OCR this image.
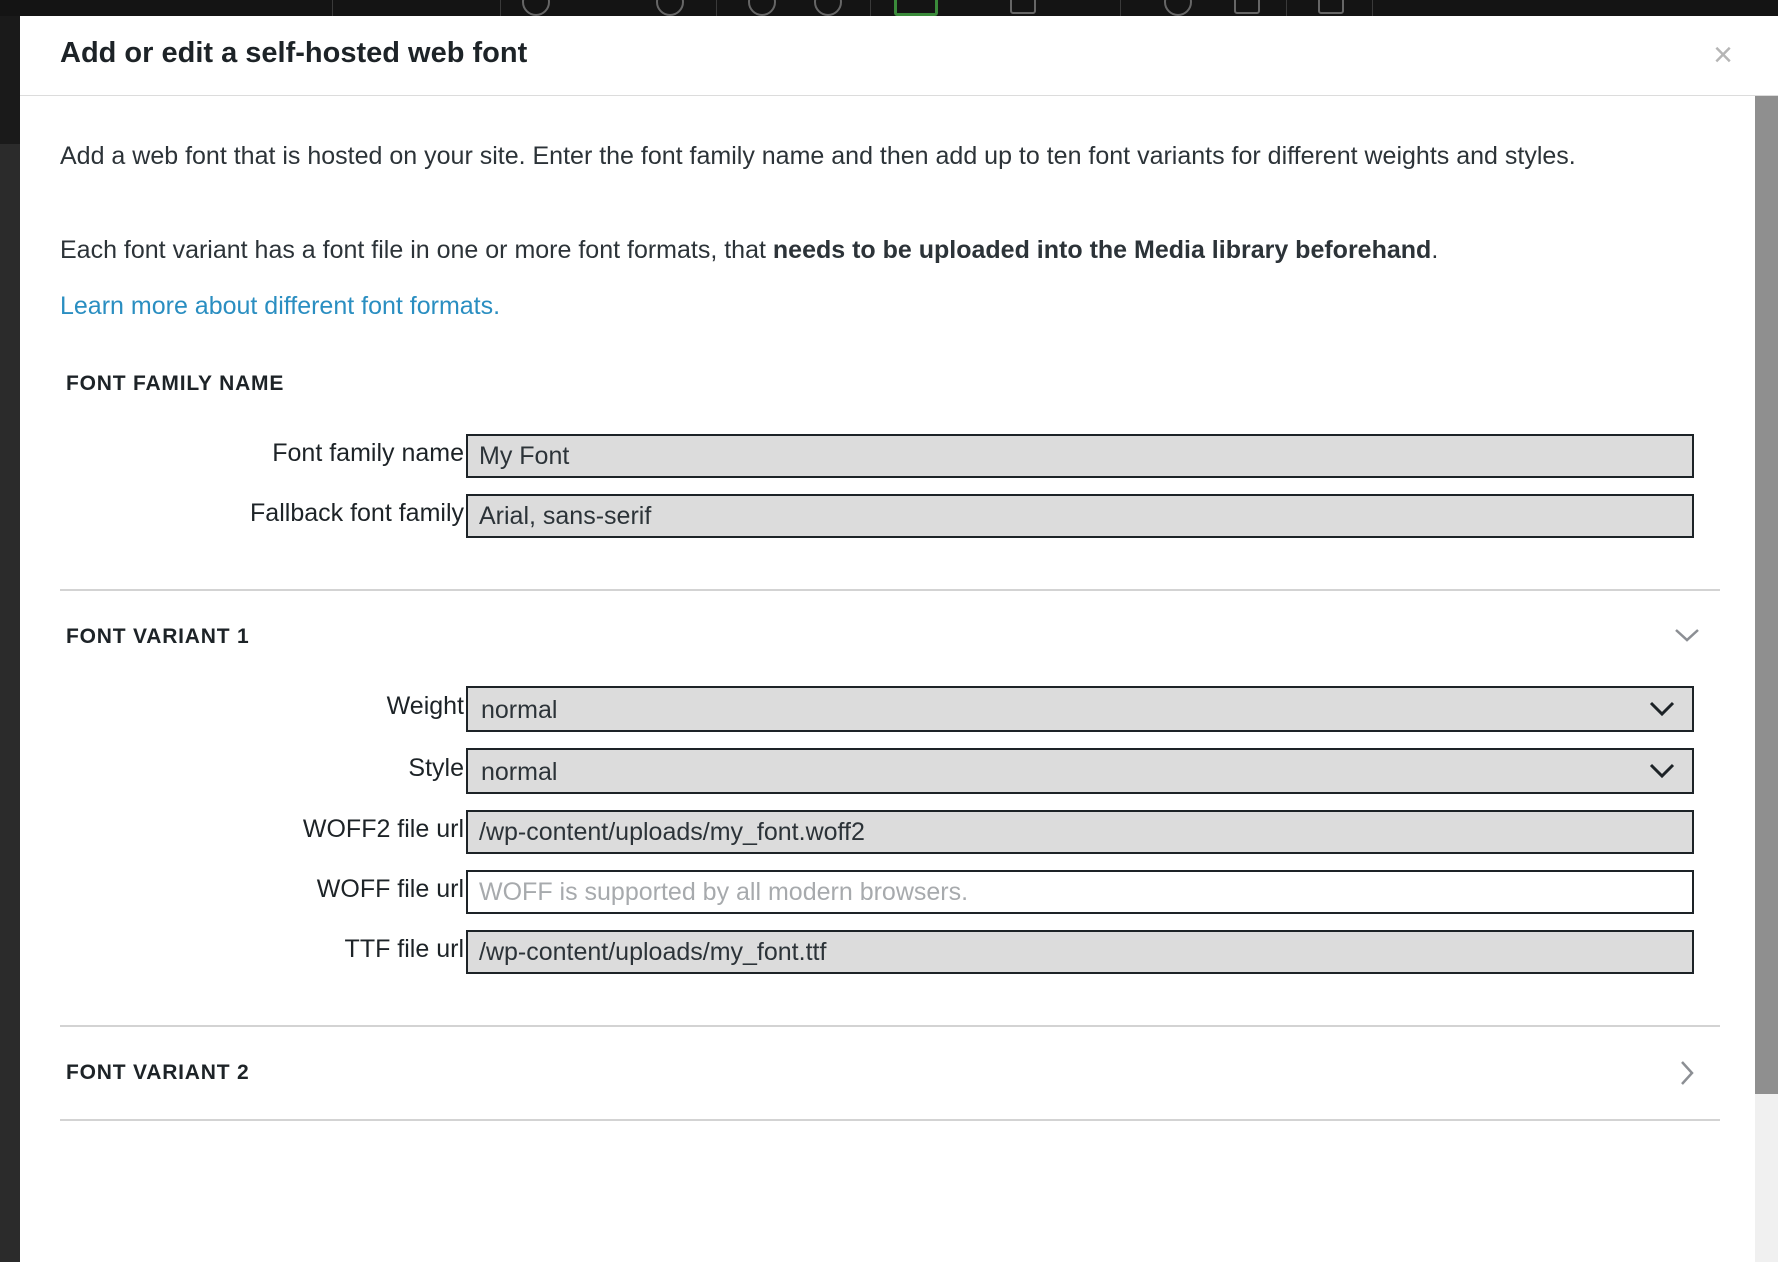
Add or edit a self-hosted web font	×
Add a web font that is hosted on your site. Enter the font family name and then add up to ten font variants for different weights and styles.
Each font variant has a font file in one or more font formats, that needs to be uploaded into the Media library beforehand.
Learn more about different font formats.
FONT FAMILY NAME
Font family name
My Font
Fallback font family
Arial, sans-serif
FONT VARIANT 1
Weight normal
Style normal
WOFF2 file url
/wp-content/uploads/my_font.woff2
WOFF file url
WOFF is supported by all modern browsers.
TTF file url
/wp-content/uploads/my_font.ttf
FONT VARIANT 2
